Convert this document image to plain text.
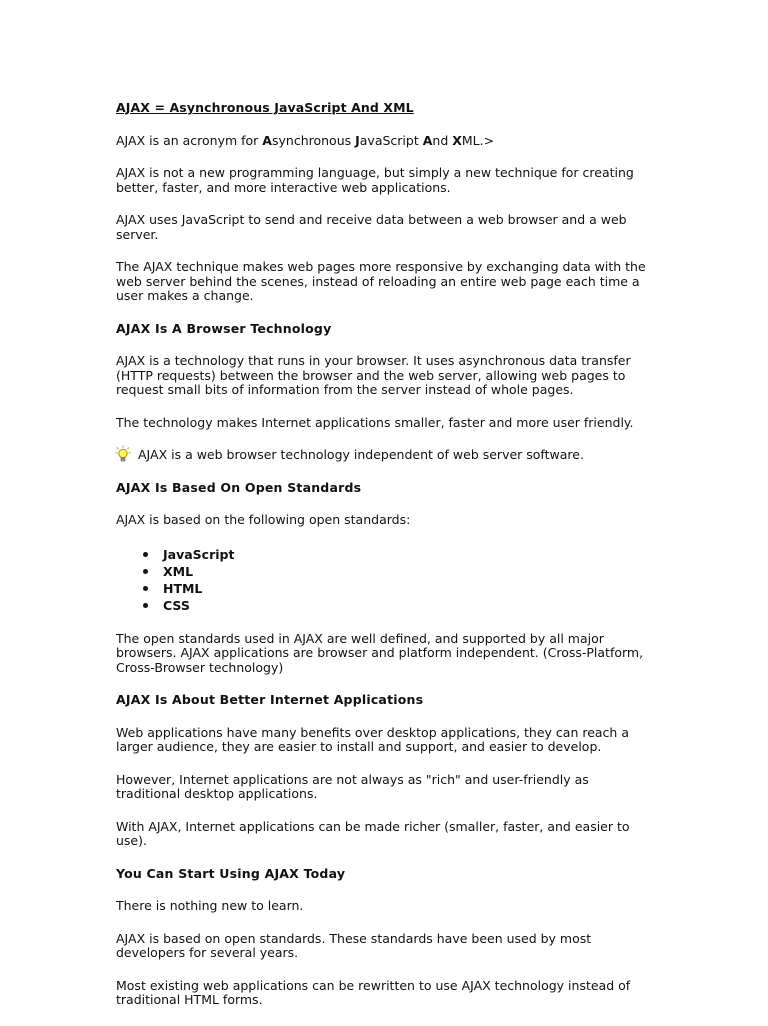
AJAX = Asynchronous JavaScript And XML

AJAX is an acronym for Asynchronous JavaScript And XML.>

AJAX is not a new programming language, but simply a new technique for creating better, faster, and more interactive web applications.

AJAX uses JavaScript to send and receive data between a web browser and a web server.

The AJAX technique makes web pages more responsive by exchanging data with the web server behind the scenes, instead of reloading an entire web page each time a user makes a change.

AJAX Is A Browser Technology

AJAX is a technology that runs in your browser. It uses asynchronous data transfer (HTTP requests) between the browser and the web server, allowing web pages to request small bits of information from the server instead of whole pages.

The technology makes Internet applications smaller, faster and more user friendly.

AJAX is a web browser technology independent of web server software.
AJAX Is Based On Open Standards

AJAX is based on the following open standards:

JavaScript
XML
HTML
CSS

The open standards used in AJAX are well defined, and supported by all major browsers. AJAX applications are browser and platform independent. (Cross-Platform, Cross-Browser technology)

AJAX Is About Better Internet Applications

Web applications have many benefits over desktop applications, they can reach a larger audience, they are easier to install and support, and easier to develop.

However, Internet applications are not always as "rich" and user-friendly as traditional desktop applications.

With AJAX, Internet applications can be made richer (smaller, faster, and easier to use).

You Can Start Using AJAX Today

There is nothing new to learn.

AJAX is based on open standards. These standards have been used by most developers for several years.

Most existing web applications can be rewritten to use AJAX technology instead of traditional HTML forms.
